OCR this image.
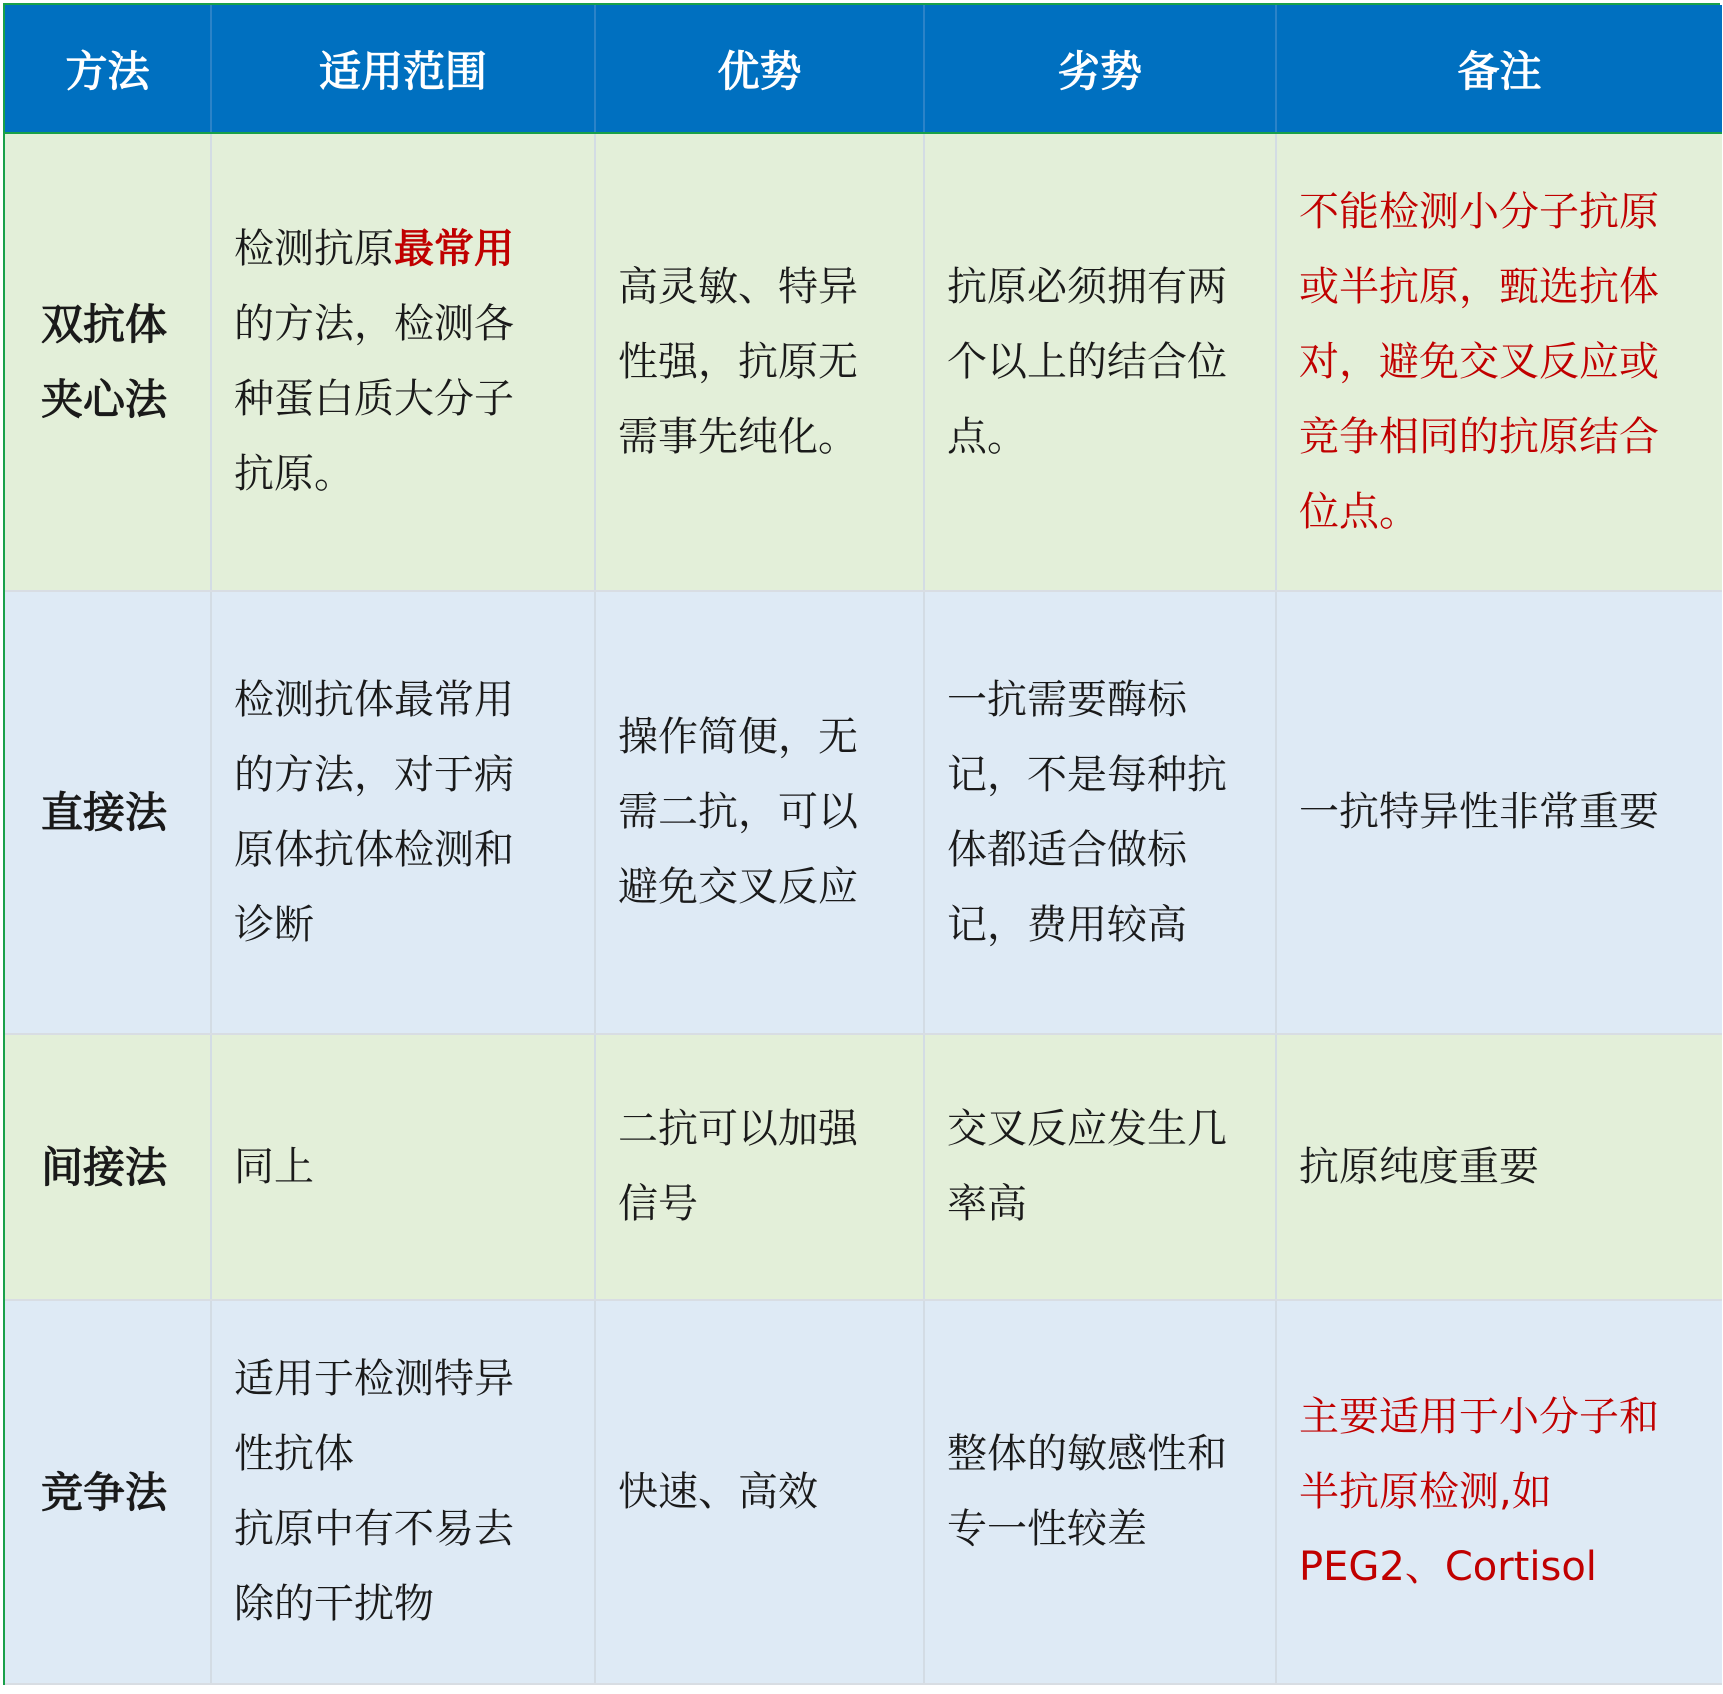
方法	适用范围	优势	劣势	备注

双抗体
夹心法	检测抗原最常用
的方法，检测各
种蛋白质大分子
抗原。	高灵敏、特异
性强，抗原无
需事先纯化。	抗原必须拥有两
个以上的结合位
点。	不能检测小分子抗原
或半抗原，甄选抗体
对，避免交叉反应或
竞争相同的抗原结合
位点。

直接法	检测抗体最常用
的方法，对于病
原体抗体检测和
诊断	操作简便，无
需二抗，可以
避免交叉反应	一抗需要酶标
记，不是每种抗
体都适合做标
记，费用较高	一抗特异性非常重要

间接法	同上	二抗可以加强
信号	交叉反应发生几
率高	抗原纯度重要

竞争法	适用于检测特异
性抗体
抗原中有不易去
除的干扰物	快速、高效	整体的敏感性和
专一性较差	主要适用于小分子和
半抗原检测,如
PEG2、Cortisol
